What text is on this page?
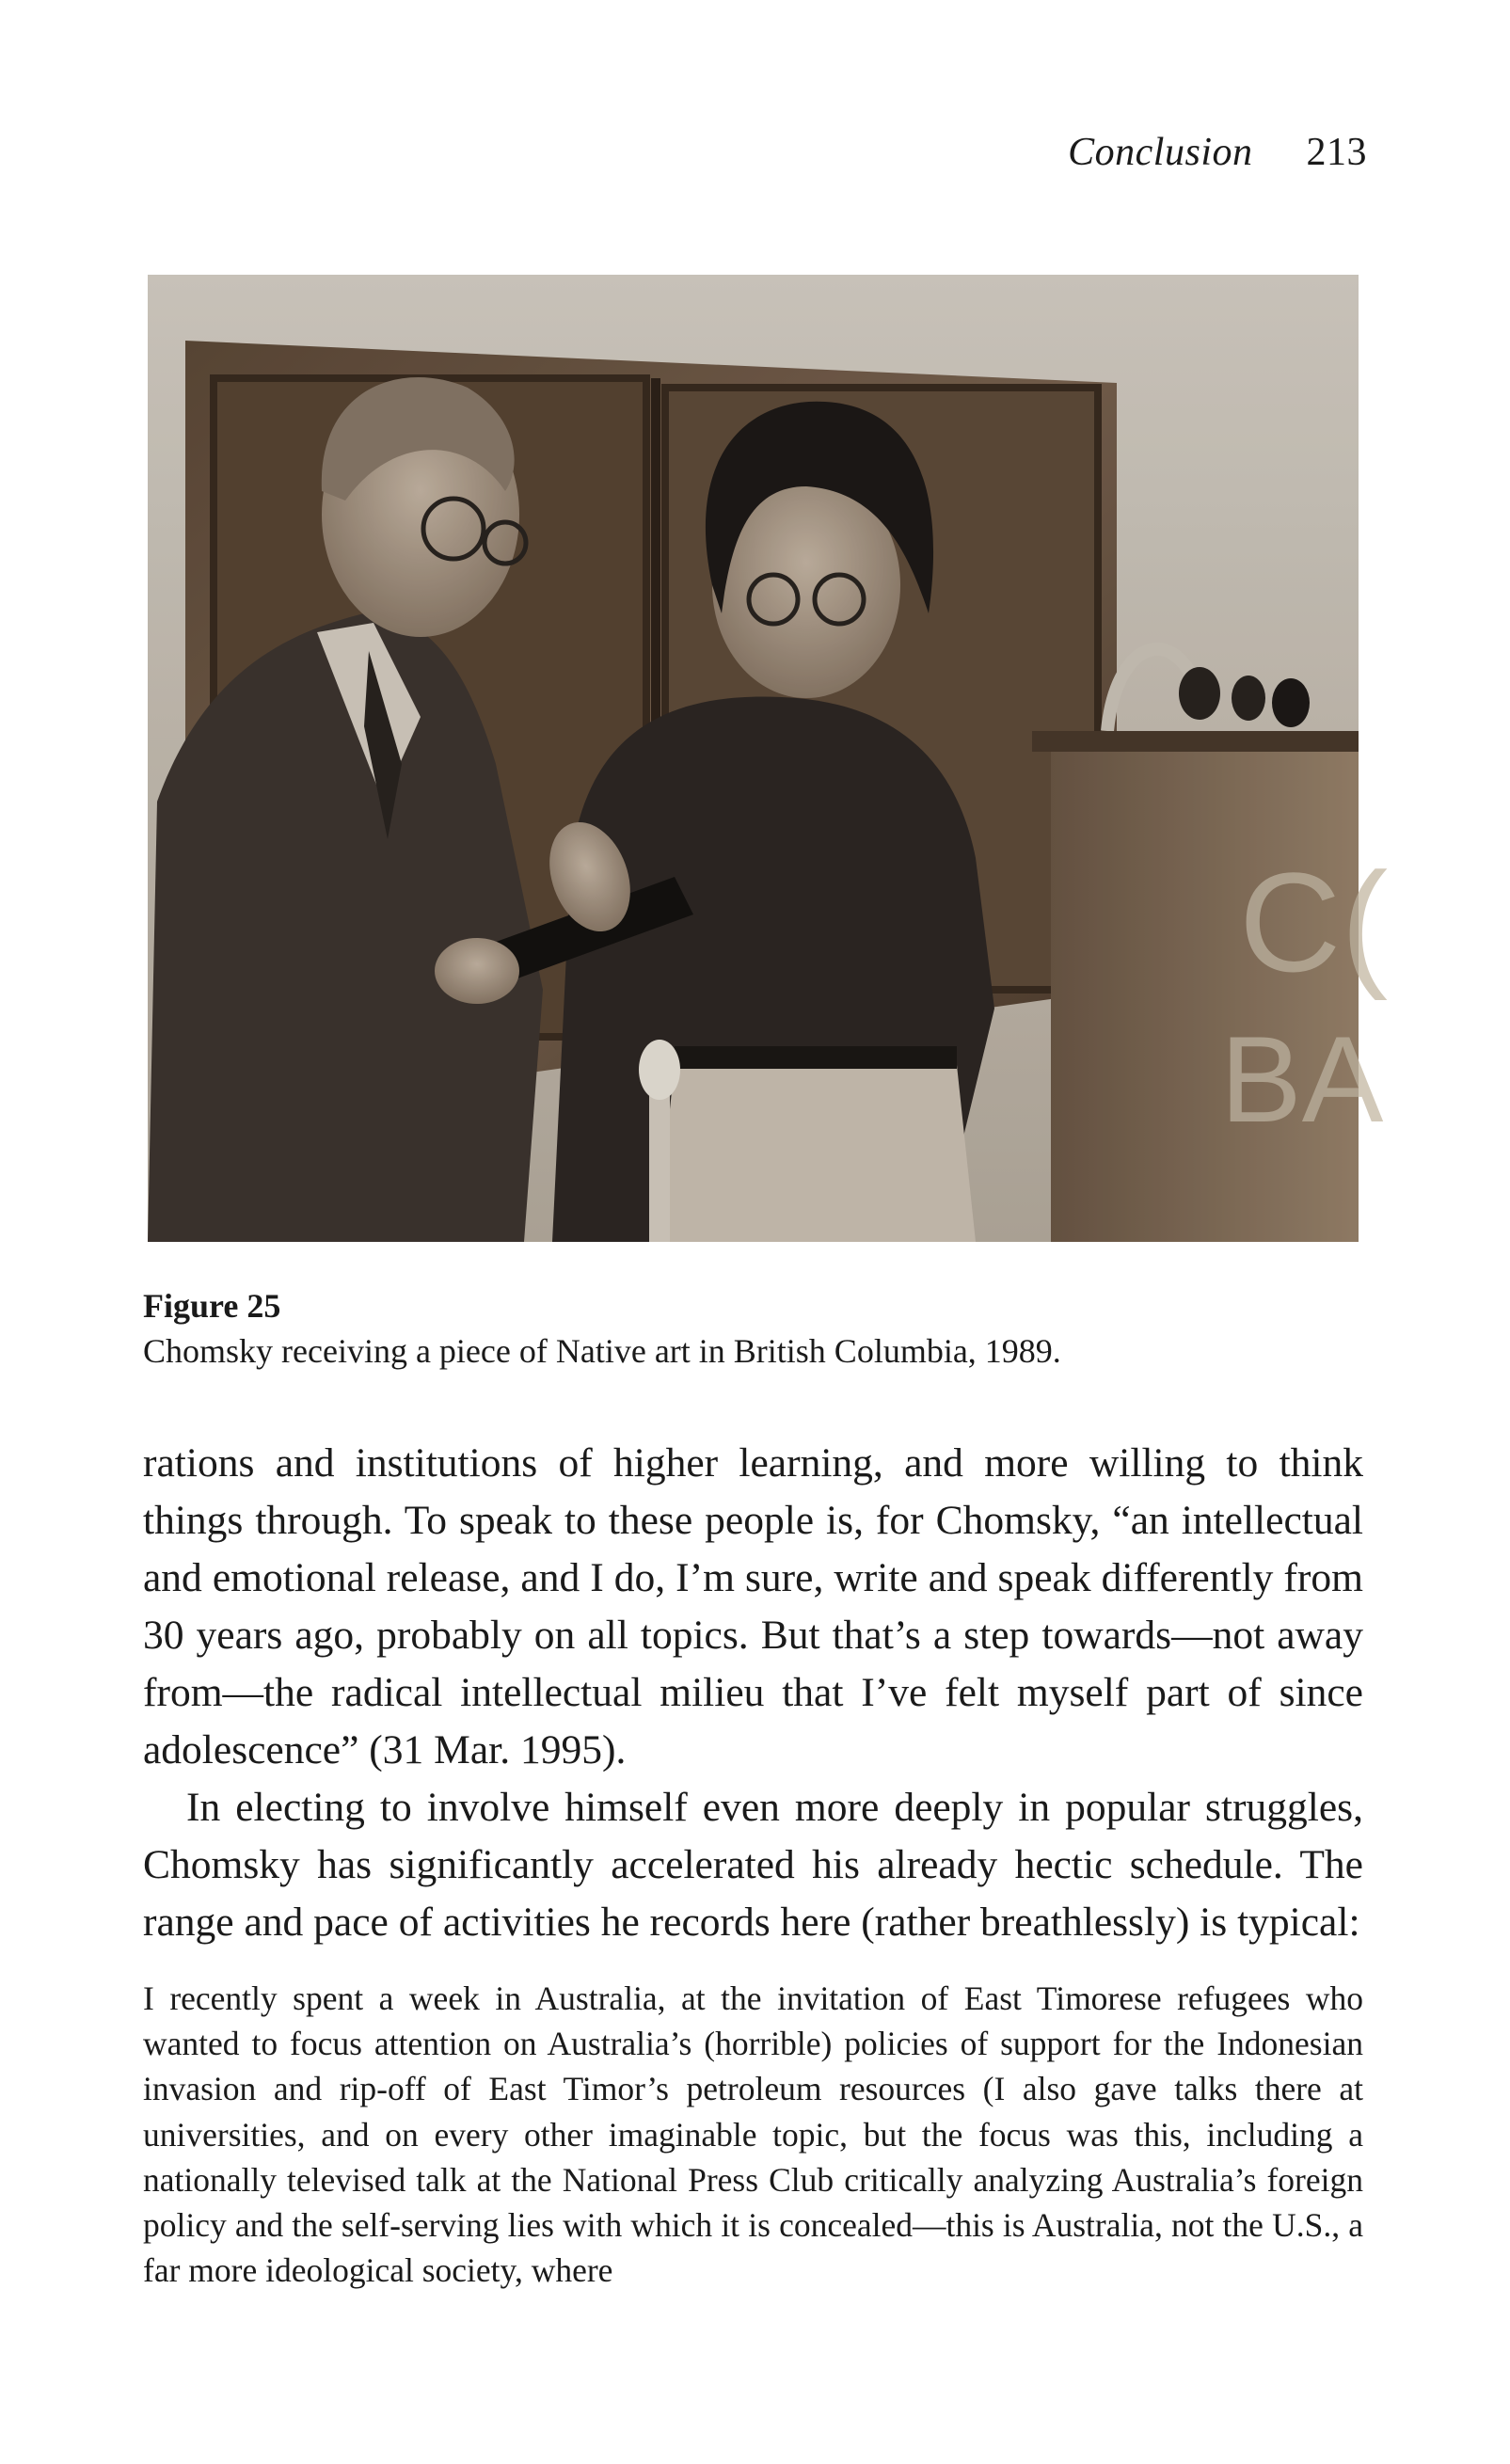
Conclusion 213
C(
BA
Figure 25
Chomsky receiving a piece of Native art in British Columbia, 1989.

rations and institutions of higher learning, and more willing to think things through. To speak to these people is, for Chomsky, “an intellectual and emotional release, and I do, I’m sure, write and speak differently from 30 years ago, probably on all topics. But that’s a step towards—not away from—the radical intellectual milieu that I’ve felt myself part of since adolescence” (31 Mar. 1995).

In electing to involve himself even more deeply in popular struggles, Chomsky has significantly accelerated his already hectic schedule. The range and pace of activities he records here (rather breathlessly) is typical:

I recently spent a week in Australia, at the invitation of East Timorese refugees who wanted to focus attention on Australia’s (horrible) policies of support for the Indonesian invasion and rip-off of East Timor’s petroleum resources (I also gave talks there at universities, and on every other imaginable topic, but the focus was this, including a nationally televised talk at the National Press Club critically analyzing Australia’s foreign policy and the self-serving lies with which it is concealed—this is Australia, not the U.S., a far more ideological society, where
